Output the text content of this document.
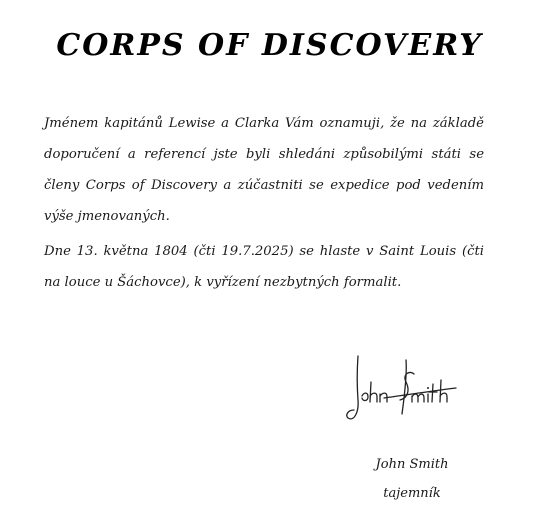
CORPS OF DISCOVERY

Jménem kapitánů Lewise a Clarka Vám oznamuji, že na základě doporučení a referencí jste byli shledáni způsobilými státi se členy Corps of Discovery a zúčastniti se expedice pod vedením výše jmenovaných.

Dne 13. května 1804 (čti 19.7.2025) se hlaste v Saint Louis (čti na louce u Šáchovce), k vyřízení nezbytných formalit.

John Smith
tajemník
